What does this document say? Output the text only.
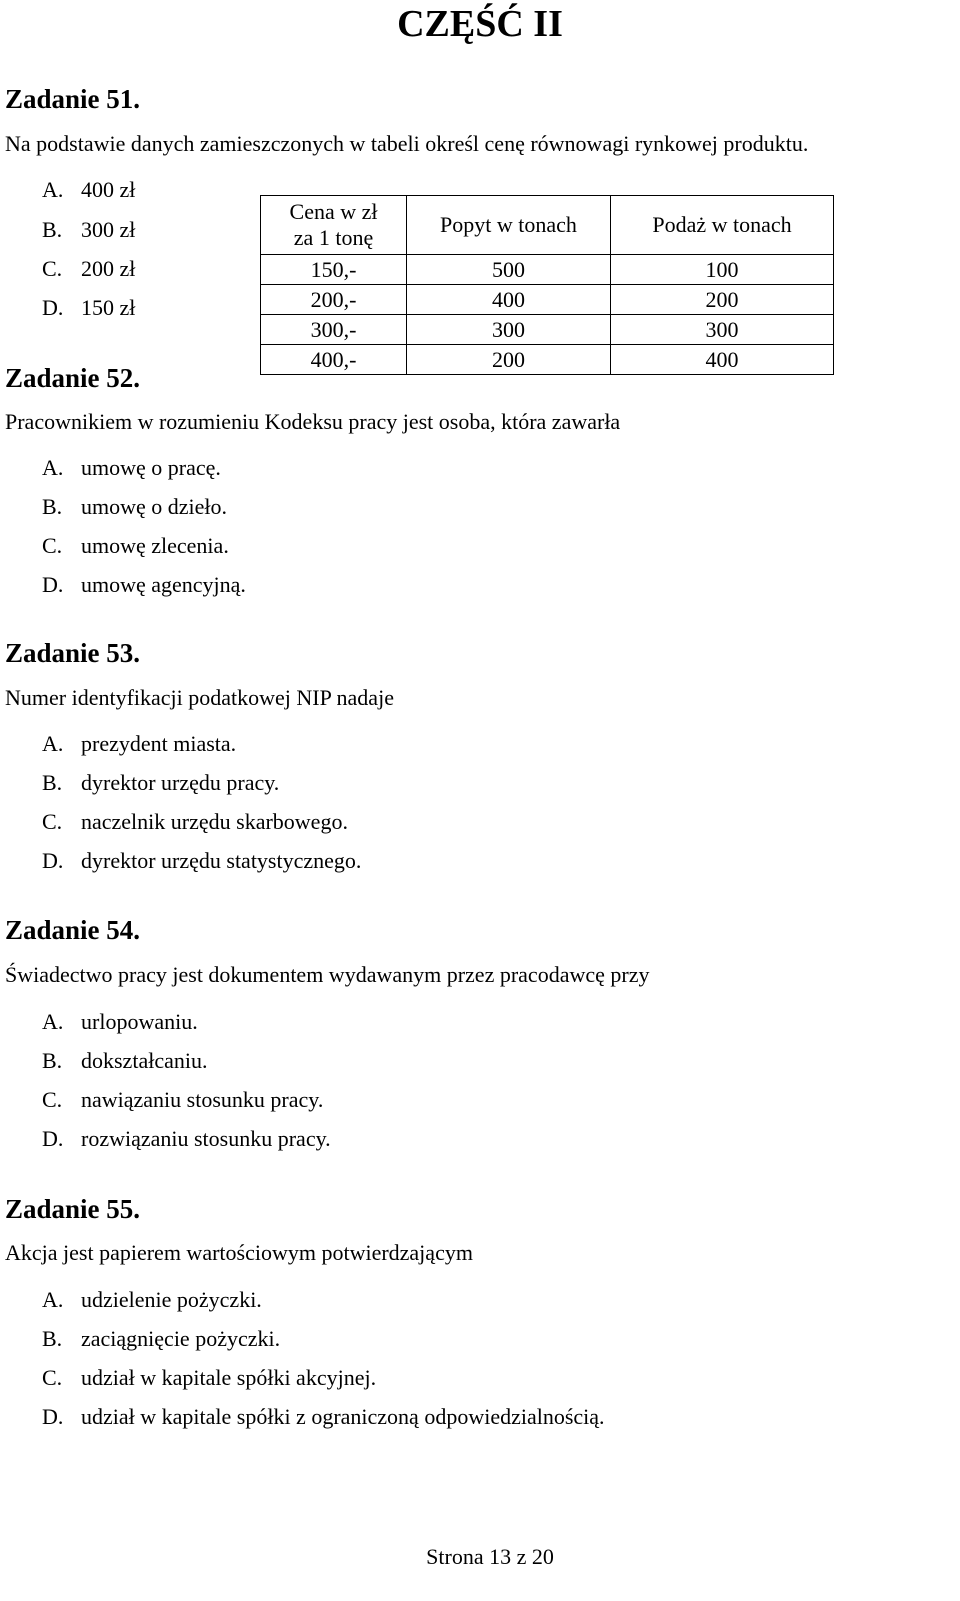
CZĘŚĆ II
Zadanie 51.
Na podstawie danych zamieszczonych w tabeli określ cenę równowagi rynkowej produktu.
A. 400 zł
B. 300 zł
C. 200 zł
D. 150 zł
Cena w zł
za 1 tonę	Popyt w tonach	Podaż w tonach
150,-	500	100
200,-	400	200
300,-	300	300
400,-	200	400
Zadanie 52.
Pracownikiem w rozumieniu Kodeksu pracy jest osoba, która zawarła
A. umowę o pracę.
B. umowę o dzieło.
C. umowę zlecenia.
D. umowę agencyjną.
Zadanie 53.
Numer identyfikacji podatkowej NIP nadaje
A. prezydent miasta.
B. dyrektor urzędu pracy.
C. naczelnik urzędu skarbowego.
D. dyrektor urzędu statystycznego.
Zadanie 54.
Świadectwo pracy jest dokumentem wydawanym przez pracodawcę przy
A. urlopowaniu.
B. dokształcaniu.
C. nawiązaniu stosunku pracy.
D. rozwiązaniu stosunku pracy.
Zadanie 55.
Akcja jest papierem wartościowym potwierdzającym
A. udzielenie pożyczki.
B. zaciągnięcie pożyczki.
C. udział w kapitale spółki akcyjnej.
D. udział w kapitale spółki z ograniczoną odpowiedzialnością.
Strona 13 z 20
